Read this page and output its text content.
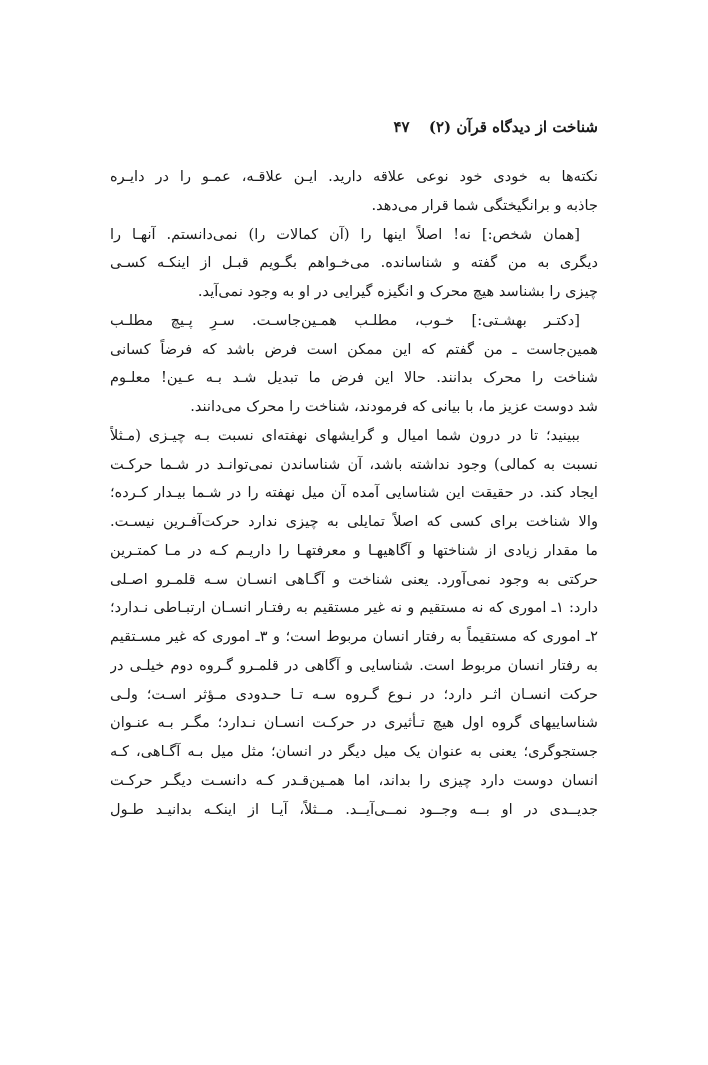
شناخت از دیدگاه قرآن (۲) ۴۷
نکته‌ها به خودی خود نوعی علاقه دارید. ایـن علاقـه، عمـو را در دایـره
جاذبه و برانگیختگی شما قرار می‌دهد.
[همان شخص:] نه! اصلاً اینها را (آن کمالات را) نمی‌دانستم. آنهـا را
دیگری به من گفته و شناسانده. می‌خـواهم بگـویم قبـل از اینکـه کسـی
چیزی را بشناسد هیچ محرک و انگیزه گیرایی در او به وجود نمی‌آید.
[دکتـر بهشـتی:] خـوب، مطلـب همـین‌جاسـت. سـرِ پـیچ مطلـب
همین‌جاست ـ من گفتم که این ممکن است فرض باشد که فرضاً کسانی
شناخت را محرک بدانند. حالا این فرض ما تبدیل شـد بـه عـین! معلـوم
شد دوست عزیز ما، با بیانی که فرمودند، شناخت را محرک می‌دانند.
ببینید؛ تا در درون شما امیال و گرایشهای نهفته‌ای نسبت بـه چیـزی (مـثلاً
نسبت به کمالی) وجود نداشته باشد، آن شناساندن نمی‌توانـد در شـما حرکـت
ایجاد کند. در حقیقت این شناسایی آمده آن میل نهفته را در شـما بیـدار کـرده؛
والا شناخت برای کسی که اصلاً تمایلی به چیزی ندارد حرکت‌آفـرین نیسـت.
ما مقدار زیادی از شناختها و آگاهیهـا و معرفتهـا را داریـم کـه در مـا کمتـرین
حرکتی به وجود نمی‌آورد. یعنی شناخت و آگـاهی انسـان سـه قلمـرو اصـلی
دارد: ۱ـ اموری که نه مستقیم و نه غیر مستقیم به رفتـار انسـان ارتبـاطی نـدارد؛
۲ـ اموری که مستقیماً به رفتار انسان مربوط است؛ و ۳ـ اموری که غیر مسـتقیم
به رفتار انسان مربوط است. شناسایی و آگاهی در قلمـرو گـروه دوم خیلـی در
حرکت انسـان اثـر دارد؛ در نـوع گـروه سـه تـا حـدودی مـؤثر اسـت؛ ولـی
شناساییهای گروه اول هیچ تـأثیری در حرکـت انسـان نـدارد؛ مگـر بـه عنـوان
جستجوگری؛ یعنی به عنوان یک میل دیگر در انسان؛ مثل میل بـه آگـاهی، کـه
انسان دوست دارد چیزی را بداند، اما همـین‌قـدر کـه دانسـت دیگـر حرکـت
جدیــدی در او بــه وجــود نمــی‌آیــد. مــثلاً، آیـا از اینکـه بدانیـد طـول
